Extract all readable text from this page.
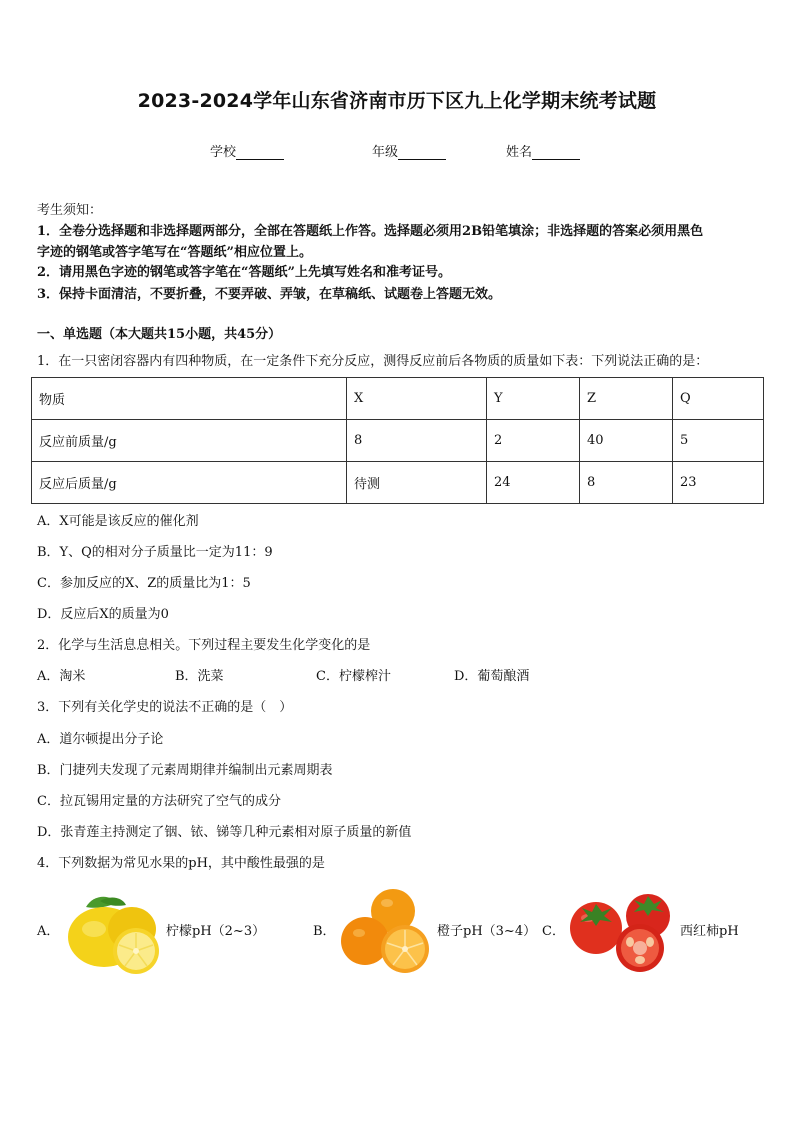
2023-2024学年山东省济南市历下区九上化学期末统考试题
学校	年级	姓名
考生须知：
1．全卷分选择题和非选择题两部分，全部在答题纸上作答。选择题必须用2B铅笔填涂；非选择题的答案必须用黑色
字迹的钢笔或答字笔写在“答题纸”相应位置上。
2．请用黑色字迹的钢笔或答字笔在“答题纸”上先填写姓名和准考证号。
3．保持卡面清洁，不要折叠，不要弄破、弄皱，在草稿纸、试题卷上答题无效。
一、单选题（本大题共15小题，共45分）
1．在一只密闭容器内有四种物质，在一定条件下充分反应，测得反应前后各物质的质量如下表：下列说法正确的是：
物质	X	Y	Z	Q
反应前质量/g	8	2	40	5
反应后质量/g	待测	24	8	23
A．X可能是该反应的催化剂
B．Y、Q的相对分子质量比一定为11：9
C．参加反应的X、Z的质量比为1：5
D．反应后X的质量为0
2．化学与生活息息相关。下列过程主要发生化学变化的是
A．淘米	B．洗菜	C．柠檬榨汁	D．葡萄酿酒
3．下列有关化学史的说法不正确的是（　）
A．道尔顿提出分子论
B．门捷列夫发现了元素周期律并编制出元素周期表
C．拉瓦锡用定量的方法研究了空气的成分
D．张青莲主持测定了铟、铱、锑等几种元素相对原子质量的新值
4．下列数据为常见水果的pH，其中酸性最强的是
A．	柠檬pH（2~3）	B．	橙子pH（3~4） C．	西红柿pH
